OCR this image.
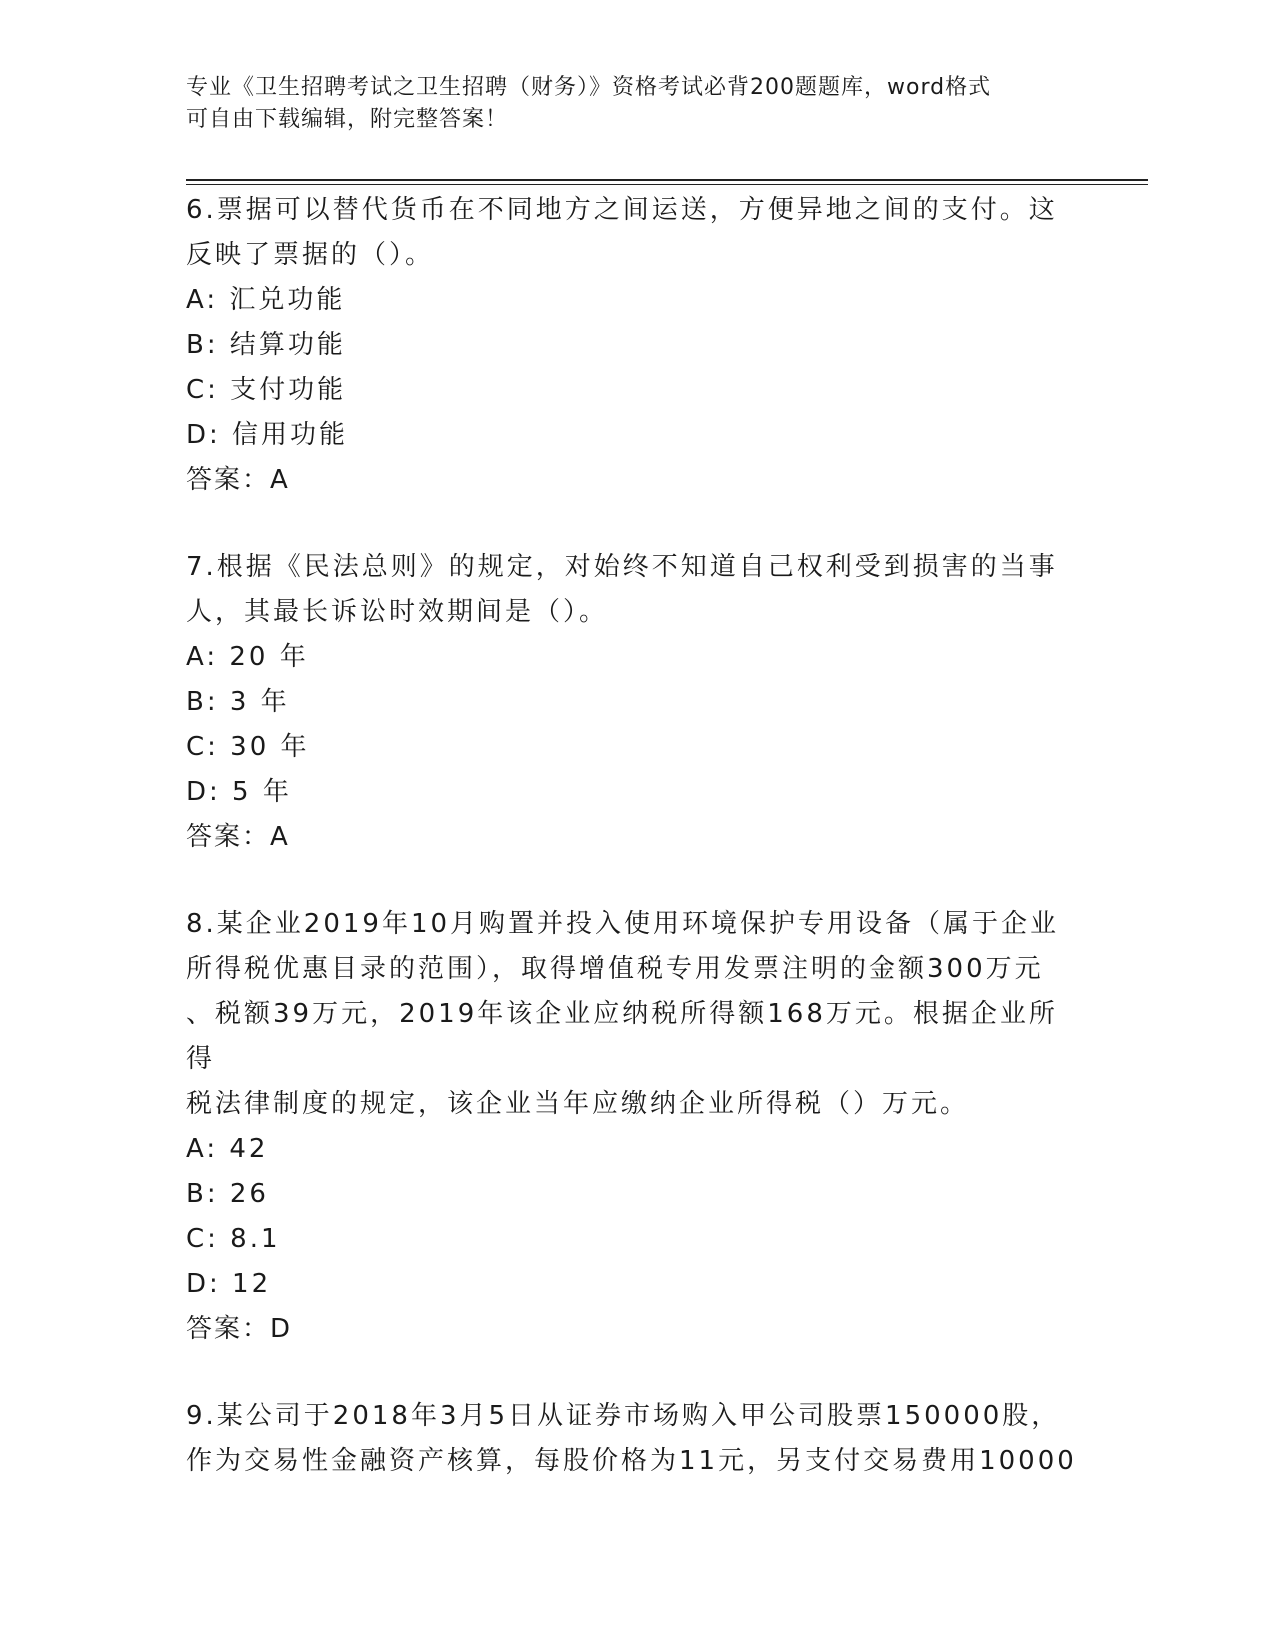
专业《卫生招聘考试之卫生招聘（财务）》资格考试必背200题题库，word格式

可自由下载编辑，附完整答案！

6.票据可以替代货币在不同地方之间运送，方便异地之间的支付。这

反映了票据的（）。

A: 汇兑功能

B: 结算功能

C: 支付功能

D: 信用功能

答案：A

7.根据《民法总则》的规定，对始终不知道自己权利受到损害的当事

人，其最长诉讼时效期间是（）。

A: 20 年

B: 3 年

C: 30 年

D: 5 年

答案：A

8.某企业2019年10月购置并投入使用环境保护专用设备（属于企业

所得税优惠目录的范围），取得增值税专用发票注明的金额300万元

、税额39万元，2019年该企业应纳税所得额168万元。根据企业所得

税法律制度的规定，该企业当年应缴纳企业所得税（）万元。

A: 42

B: 26

C: 8.1

D: 12

答案：D

9.某公司于2018年3月5日从证券市场购入甲公司股票150000股，

作为交易性金融资产核算，每股价格为11元，另支付交易费用10000
